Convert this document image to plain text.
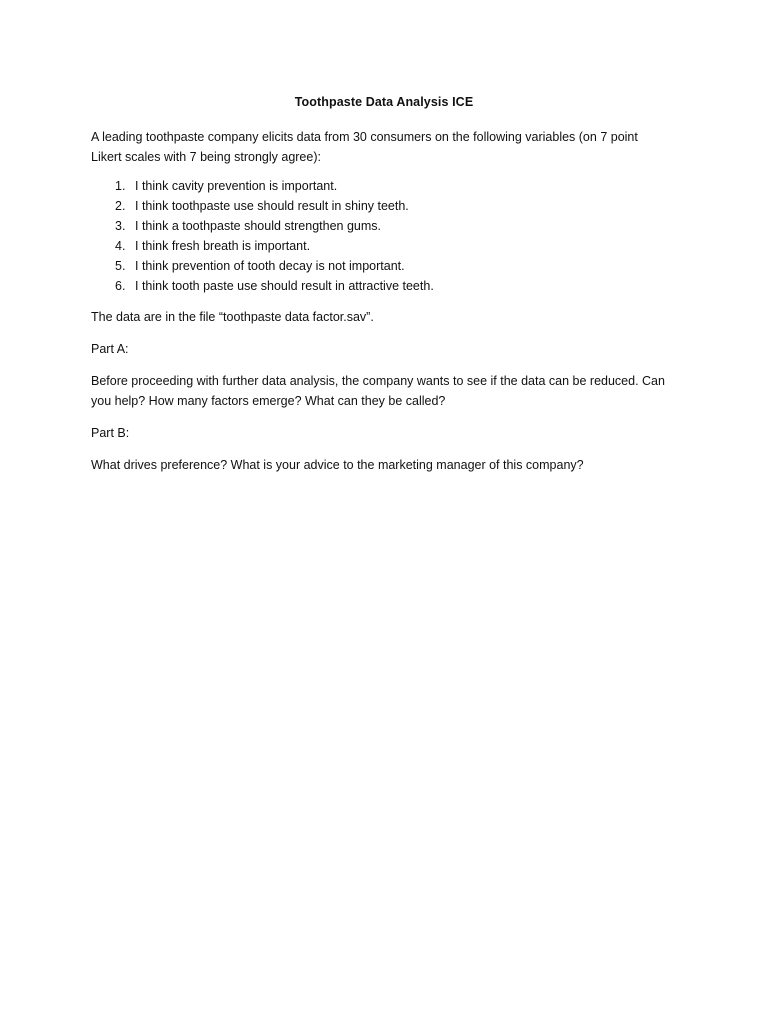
Toothpaste Data Analysis ICE

A leading toothpaste company elicits data from 30 consumers on the following variables (on 7 point Likert scales with 7 being strongly agree):

1. I think cavity prevention is important.
2. I think toothpaste use should result in shiny teeth.
3. I think a toothpaste should strengthen gums.
4. I think fresh breath is important.
5. I think prevention of tooth decay is not important.
6. I think tooth paste use should result in attractive teeth.

The data are in the file “toothpaste data factor.sav”.

Part A:

Before proceeding with further data analysis, the company wants to see if the data can be reduced. Can you help? How many factors emerge? What can they be called?

Part B:

What drives preference? What is your advice to the marketing manager of this company?
